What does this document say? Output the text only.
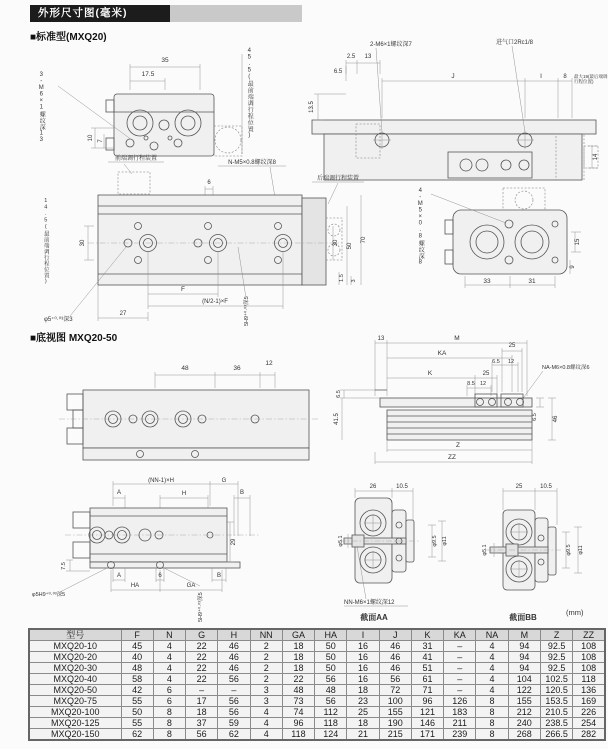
外形尺寸图(毫米)
■标准型(MXQ20)
35
17.5
10 7
3-M6×1螺纹深13	45.5(最前端调行程位置)
2-M6×1螺纹深7	进气口2Rc1/8
2.5 13
6.5
J	I	8
13.5
14
最大19(最后端调行程位置)
前端调行程装置
N-M5×0.8螺纹深8
后端调行程装置
6
30	30 50
70
1.5 3
F
(N/2-1)×F
27
φ5⁺⁰·⁰³深3	5H9⁺⁰·⁰³深5
14.5(最前端调行程位置)	33	31
15
9
4-M5×0.8螺纹深8
■底视图 MXQ20-50
48	36
12
13	M
25
KA
6.5 12
K	25
8.5 12
NA-M6×0.8螺纹深6
6.5
41.5	6.5	46
Z
ZZ
(NN-1)×H	G
H
A	B
29
7.5
A	6	B
HA	GA
φ5H9⁺⁰·⁰³深5	5H9⁺⁰·⁰³深5
26	10.5
φ5.1	φ9.5 φ11
NN-M6×1螺纹深12
截面AA
25	10.5
φ5.1	φ9.5 φ11
截面BB
(mm)
型号	F	N	G	H	NN	GA	HA	I	J	K	KA	NA	M	Z	ZZ
MXQ20-10	45	4	22	46	2	18	50	16	46	31	–	4	94	92.5	108
MXQ20-20	40	4	22	46	2	18	50	16	46	41	–	4	94	92.5	108
MXQ20-30	48	4	22	46	2	18	50	16	46	51	–	4	94	92.5	108
MXQ20-40	58	4	22	56	2	22	56	16	56	61	–	4	104	102.5	118
MXQ20-50	42	6	–	–	3	48	48	18	72	71	–	4	122	120.5	136
MXQ20-75	55	6	17	56	3	73	56	23	100	96	126	8	155	153.5	169
MXQ20-100	50	8	18	56	4	74	112	25	155	121	183	8	212	210.5	226
MXQ20-125	55	8	37	59	4	96	118	18	190	146	211	8	240	238.5	254
MXQ20-150	62	8	56	62	4	118	124	21	215	171	239	8	268	266.5	282
